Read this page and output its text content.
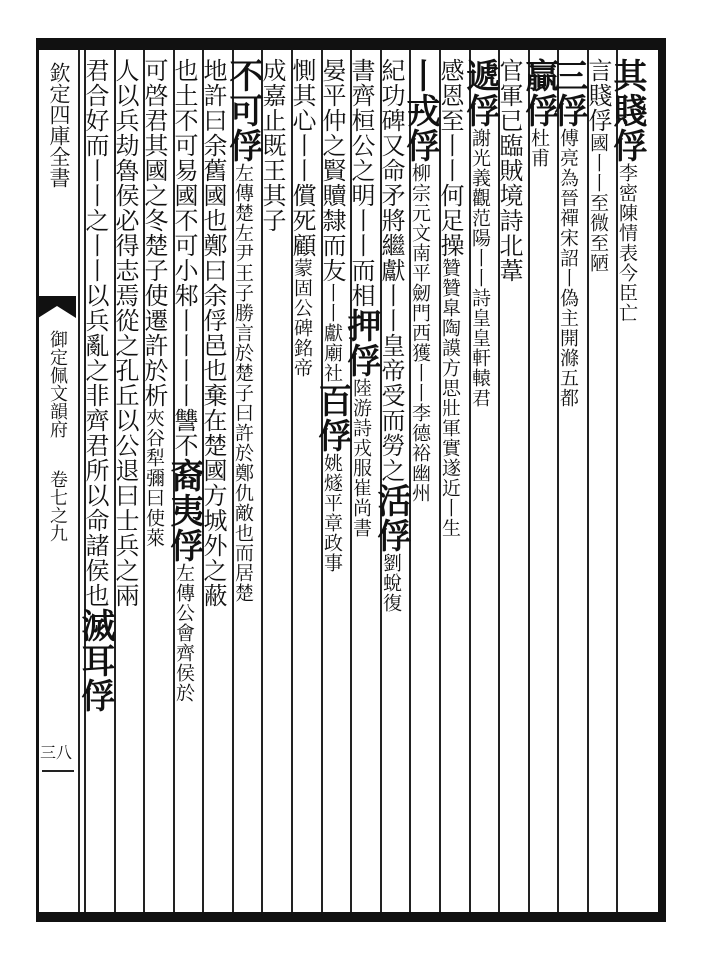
欽定四庫全書
御定佩文韻府
卷七之九
三八
其賤俘李密陳情表今臣亡
言賤俘國丨丨至微至陋
三俘傅亮為晉禪宋詔丨偽主開滌五都
贏俘杜甫
官軍已臨賊境詩北葦
遞俘謝光義觀范陽丨丨詩皇皇軒轅君
感恩至丨丨何足操贊贊皐陶謨方思壯軍實遂近丨生
丨戎俘柳宗元文南平劒門西獲丨丨李德裕幽州
紀功碑又命矛將繼獻丨丨皇帝受而勞之活俘劉蛻復
書齊桓公之明丨丨而相押俘陸游詩戎服崔尚書
晏平仲之賢贖隸而友丨丨獻廟社百俘姚燧平章政事
惻其心丨丨償死顧蒙固公碑銘帝
成嘉止既王其子
不可俘左傳楚左尹王子勝言於楚子曰許於鄭仇敵也而居楚
地許曰余舊國也鄭曰余俘邑也棄在楚國方城外之蔽
也土不可易國不可小邾丨丨丨丨讐不裔夷俘左傳公會齊侯於
可啓君其國之冬楚子使遷許於析夾谷犁彌曰使萊
人以兵劫魯侯必得志焉從之孔丘以公退曰士兵之兩
君合好而丨丨之丨丨以兵亂之非齊君所以命諸侯也滅耳俘
